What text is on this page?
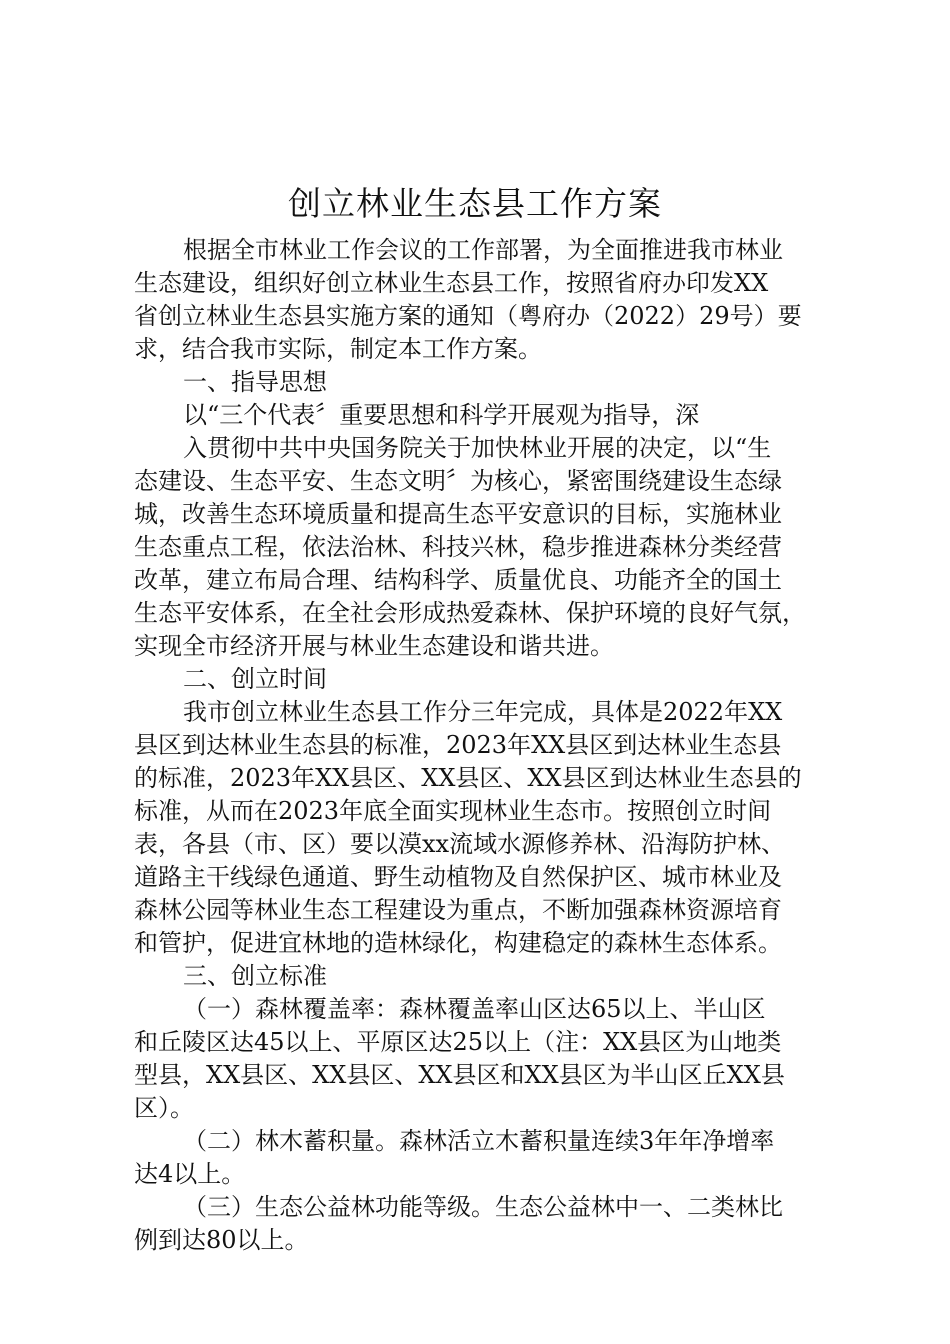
创立林业生态县工作方案

根据全市林业工作会议的工作部署，为全面推进我市林业

生态建设，组织好创立林业生态县工作，按照省府办印发XX

省创立林业生态县实施方案的通知（粤府办（2022）29号）要

求，结合我市实际，制定本工作方案。

一、指导思想

以“三个代表〞重要思想和科学开展观为指导，深

入贯彻中共中央国务院关于加快林业开展的决定，以“生

态建设、生态平安、生态文明〞为核心，紧密围绕建设生态绿

城，改善生态环境质量和提高生态平安意识的目标，实施林业

生态重点工程，依法治林、科技兴林，稳步推进森林分类经营

改革，建立布局合理、结构科学、质量优良、功能齐全的国土

生态平安体系，在全社会形成热爱森林、保护环境的良好气氛，

实现全市经济开展与林业生态建设和谐共进。

二、创立时间

我市创立林业生态县工作分三年完成，具体是2022年XX

县区到达林业生态县的标准，2023年XX县区到达林业生态县

的标准，2023年XX县区、XX县区、XX县区到达林业生态县的

标准，从而在2023年底全面实现林业生态市。按照创立时间

表，各县（市、区）要以漠xx流域水源修养林、沿海防护林、

道路主干线绿色通道、野生动植物及自然保护区、城市林业及

森林公园等林业生态工程建设为重点，不断加强森林资源培育

和管护，促进宜林地的造林绿化，构建稳定的森林生态体系。

三、创立标准

（一）森林覆盖率：森林覆盖率山区达65以上、半山区

和丘陵区达45以上、平原区达25以上（注：XX县区为山地类

型县，XX县区、XX县区、XX县区和XX县区为半山区丘XX县

区）。

（二）林木蓄积量。森林活立木蓄积量连续3年年净增率

达4以上。

（三）生态公益林功能等级。生态公益林中一、二类林比

例到达80以上。
